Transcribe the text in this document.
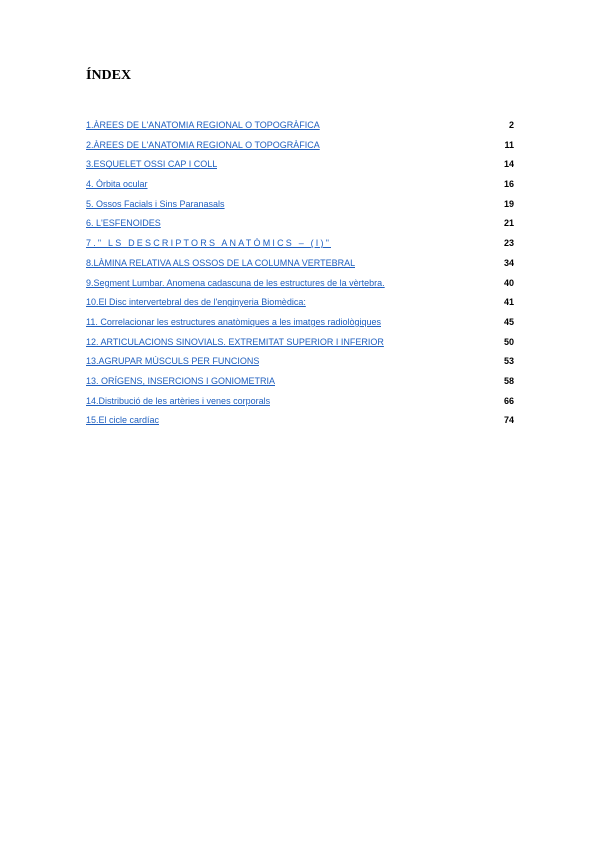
ÍNDEX
1.ÀREES DE L'ANATOMIA REGIONAL O TOPOGRÀFICA	2
2.ÀREES DE L'ANATOMIA REGIONAL O TOPOGRÀFICA	11
3.ESQUELET OSSI CAP I COLL	14
4. Òrbita ocular	16
5. Ossos Facials i Sins Paranasals	19
6. L'ESFENOIDES	21
7." LS DESCRIPTORS ANATÒMICS – (I)"	23
8.LÀMINA RELATIVA ALS OSSOS DE LA COLUMNA VERTEBRAL	34
9.Segment Lumbar. Anomena cadascuna de les estructures de la vèrtebra.	40
10.El Disc intervertebral des de l'enginyeria Biomèdica:	41
11. Correlacionar les estructures anatòmiques a les imatges radiològiques	45
12. ARTICULACIONS SINOVIALS. EXTREMITAT SUPERIOR I INFERIOR	50
13.AGRUPAR MÚSCULS PER FUNCIONS	53
13. ORÍGENS, INSERCIONS I GONIOMETRIA	58
14.Distribució de les artèries i venes corporals	66
15.El cicle cardíac	74
